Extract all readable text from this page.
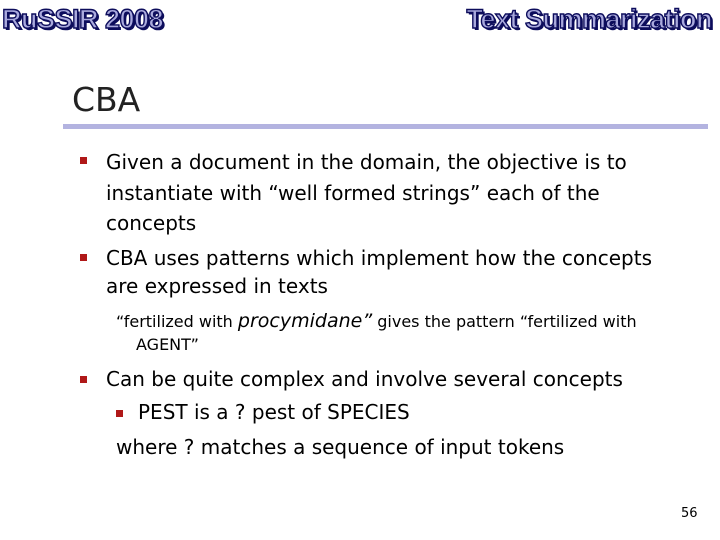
RuSSIR 2008	Text Summarization
CBA
Given a document in the domain, the objective is to
instantiate with “well formed strings” each of the
concepts
CBA uses patterns which implement how the concepts
are expressed in texts
“fertilized with procymidane” gives the pattern “fertilized with
AGENT”
Can be quite complex and involve several concepts
PEST is a ? pest of SPECIES
where ? matches a sequence of input tokens
56
